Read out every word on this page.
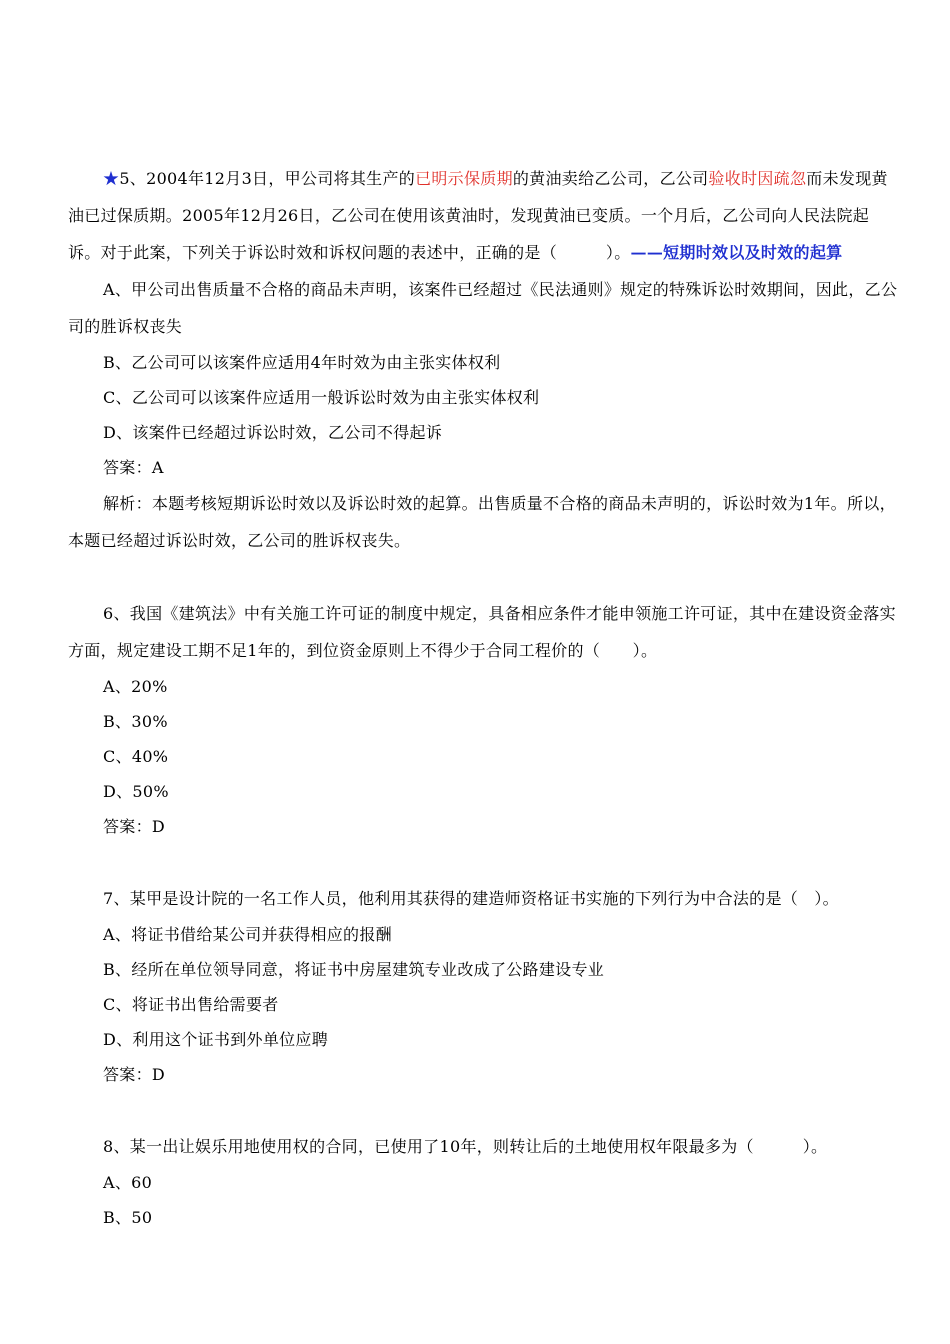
★5、2004年12月3日，甲公司将其生产的已明示保质期的黄油卖给乙公司，乙公司验收时因疏忽而未发现黄油已过保质期。2005年12月26日，乙公司在使用该黄油时，发现黄油已变质。一个月后，乙公司向人民法院起诉。对于此案，下列关于诉讼时效和诉权问题的表述中，正确的是（　　　）。——短期时效以及时效的起算

A、甲公司出售质量不合格的商品未声明，该案件已经超过《民法通则》规定的特殊诉讼时效期间，因此，乙公司的胜诉权丧失

B、乙公司可以该案件应适用4年时效为由主张实体权利

C、乙公司可以该案件应适用一般诉讼时效为由主张实体权利

D、该案件已经超过诉讼时效，乙公司不得起诉

答案：A

解析：本题考核短期诉讼时效以及诉讼时效的起算。出售质量不合格的商品未声明的，诉讼时效为1年。所以，本题已经超过诉讼时效，乙公司的胜诉权丧失。

6、我国《建筑法》中有关施工许可证的制度中规定，具备相应条件才能申领施工许可证，其中在建设资金落实方面，规定建设工期不足1年的，到位资金原则上不得少于合同工程价的（　　）。

A、20%

B、30%

C、40%

D、50%

答案：D

7、某甲是设计院的一名工作人员，他利用其获得的建造师资格证书实施的下列行为中合法的是（　）。

A、将证书借给某公司并获得相应的报酬

B、经所在单位领导同意，将证书中房屋建筑专业改成了公路建设专业

C、将证书出售给需要者

D、利用这个证书到外单位应聘

答案：D

8、某一出让娱乐用地使用权的合同，已使用了10年，则转让后的土地使用权年限最多为（　　　）。

A、60

B、50
